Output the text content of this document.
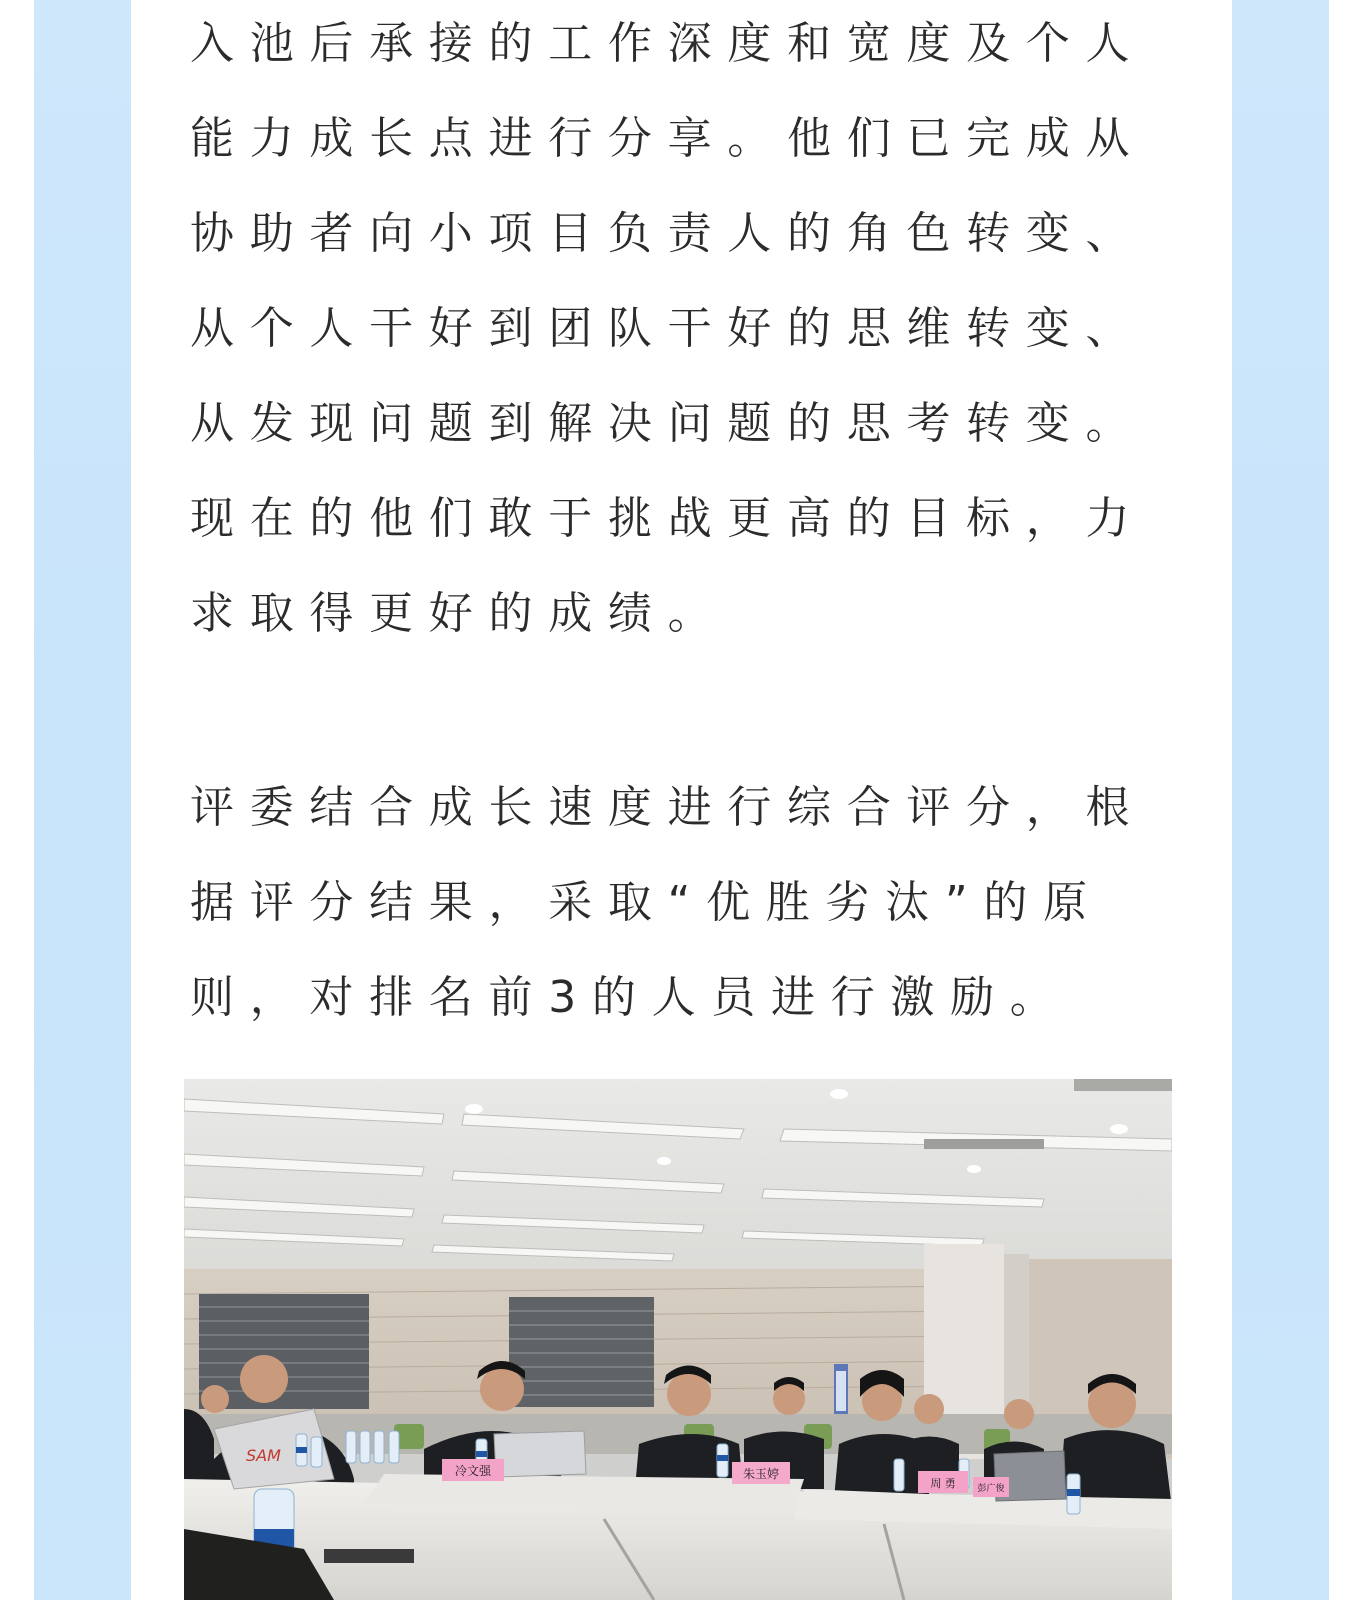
入池后承接的工作深度和宽度及个人能力成长点进行分享。他们已完成从协助者向小项目负责人的角色转变、从个人干好到团队干好的思维转变、从发现问题到解决问题的思考转变。现在的他们敢于挑战更高的目标，力求取得更好的成绩。

评委结合成长速度进行综合评分，根据评分结果，采取“优胜劣汰”的原则，对排名前3的人员进行激励。

冷文强	朱玉婷
周 勇 彭广俊
SAM
